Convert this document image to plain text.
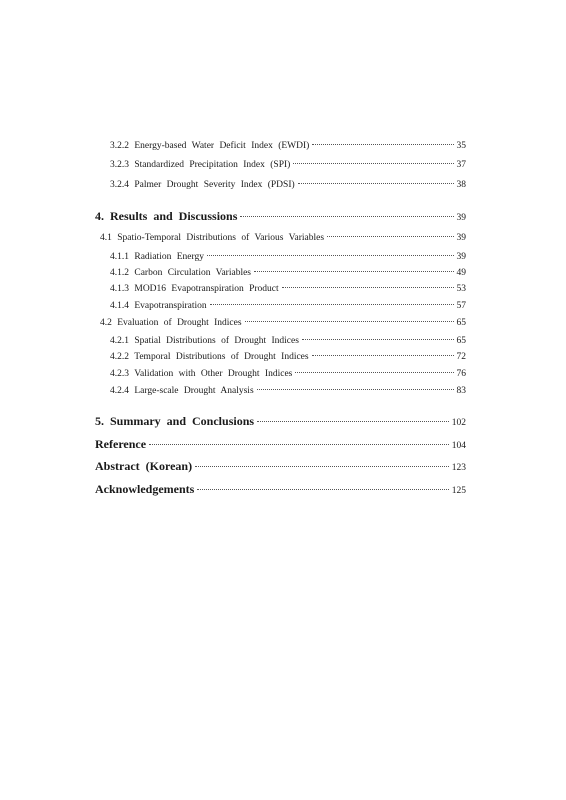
3.2.2 Energy-based Water Deficit Index (EWDI)	35
3.2.3 Standardized Precipitation Index (SPI)	37
3.2.4 Palmer Drought Severity Index (PDSI)	38
4. Results and Discussions	39
4.1 Spatio-Temporal Distributions of Various Variables	39
4.1.1 Radiation Energy	39
4.1.2 Carbon Circulation Variables	49
4.1.3 MOD16 Evapotranspiration Product	53
4.1.4 Evapotranspiration	57
4.2 Evaluation of Drought Indices	65
4.2.1 Spatial Distributions of Drought Indices	65
4.2.2 Temporal Distributions of Drought Indices	72
4.2.3 Validation with Other Drought Indices	76
4.2.4 Large-scale Drought Analysis	83
5. Summary and Conclusions	102
Reference	104
Abstract (Korean)	123
Acknowledgements	125
